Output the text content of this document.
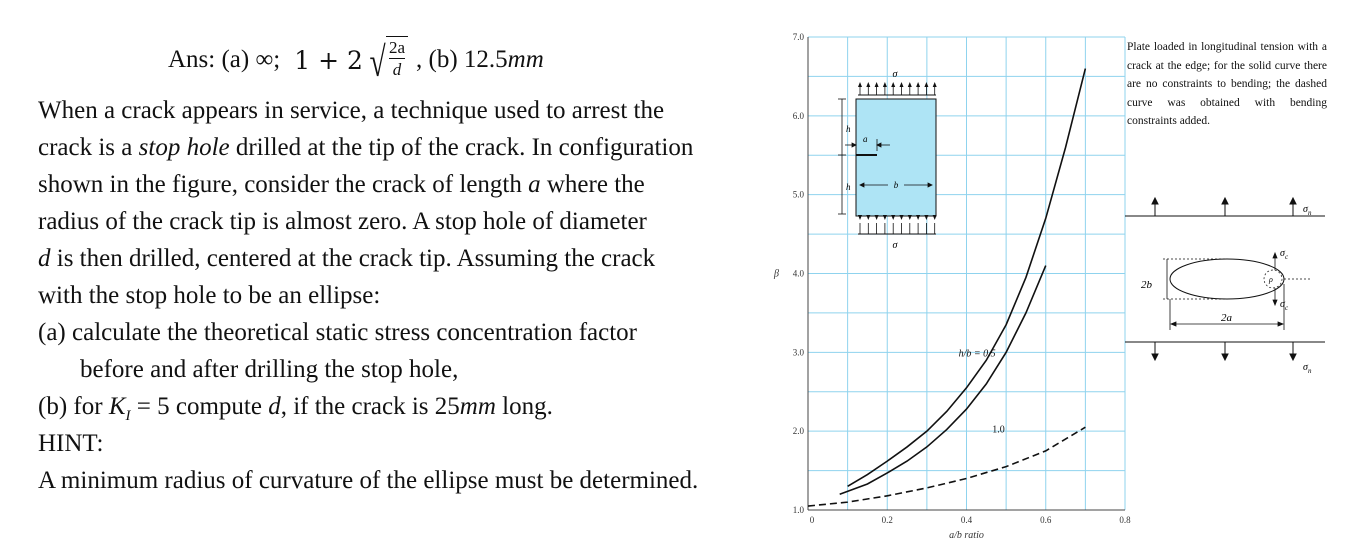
Ans: (a) ∞; 1 + 2 √ $\frac{2a}{d}$ , (b) 12.5 mm
When a crack appears in service, a technique used to arrest the
crack is a stop hole drilled at the tip of the crack. In configuration
shown in the figure, consider the crack of length a where the
radius of the crack tip is almost zero. A stop hole of diameter
d is then drilled, centered at the crack tip. Assuming the crack
with the stop hole to be an ellipse:
(a) calculate the theoretical static stress concentration factor
before and after drilling the stop hole,
(b) for $K_I = 5$ compute d, if the crack is 25mm long.
HINT:
A minimum radius of curvature of the ellipse must be determined.

Plate loaded in longitudinal tension with a crack at the edge; for the solid curve there are no constraints to bending; the dashed curve was obtained with bending constraints added.

1.0
2.0
3.0
4.0
5.0
6.0
7.0
0	0.2	0.4	0.6	0.8
a/b ratio
β
h/b = 0.5
1.0
σ
σ
h
h
a
b
ρ
2b
2a
$\sigma_c$
$\sigma_c$
$\sigma_n$
$\sigma_n$
